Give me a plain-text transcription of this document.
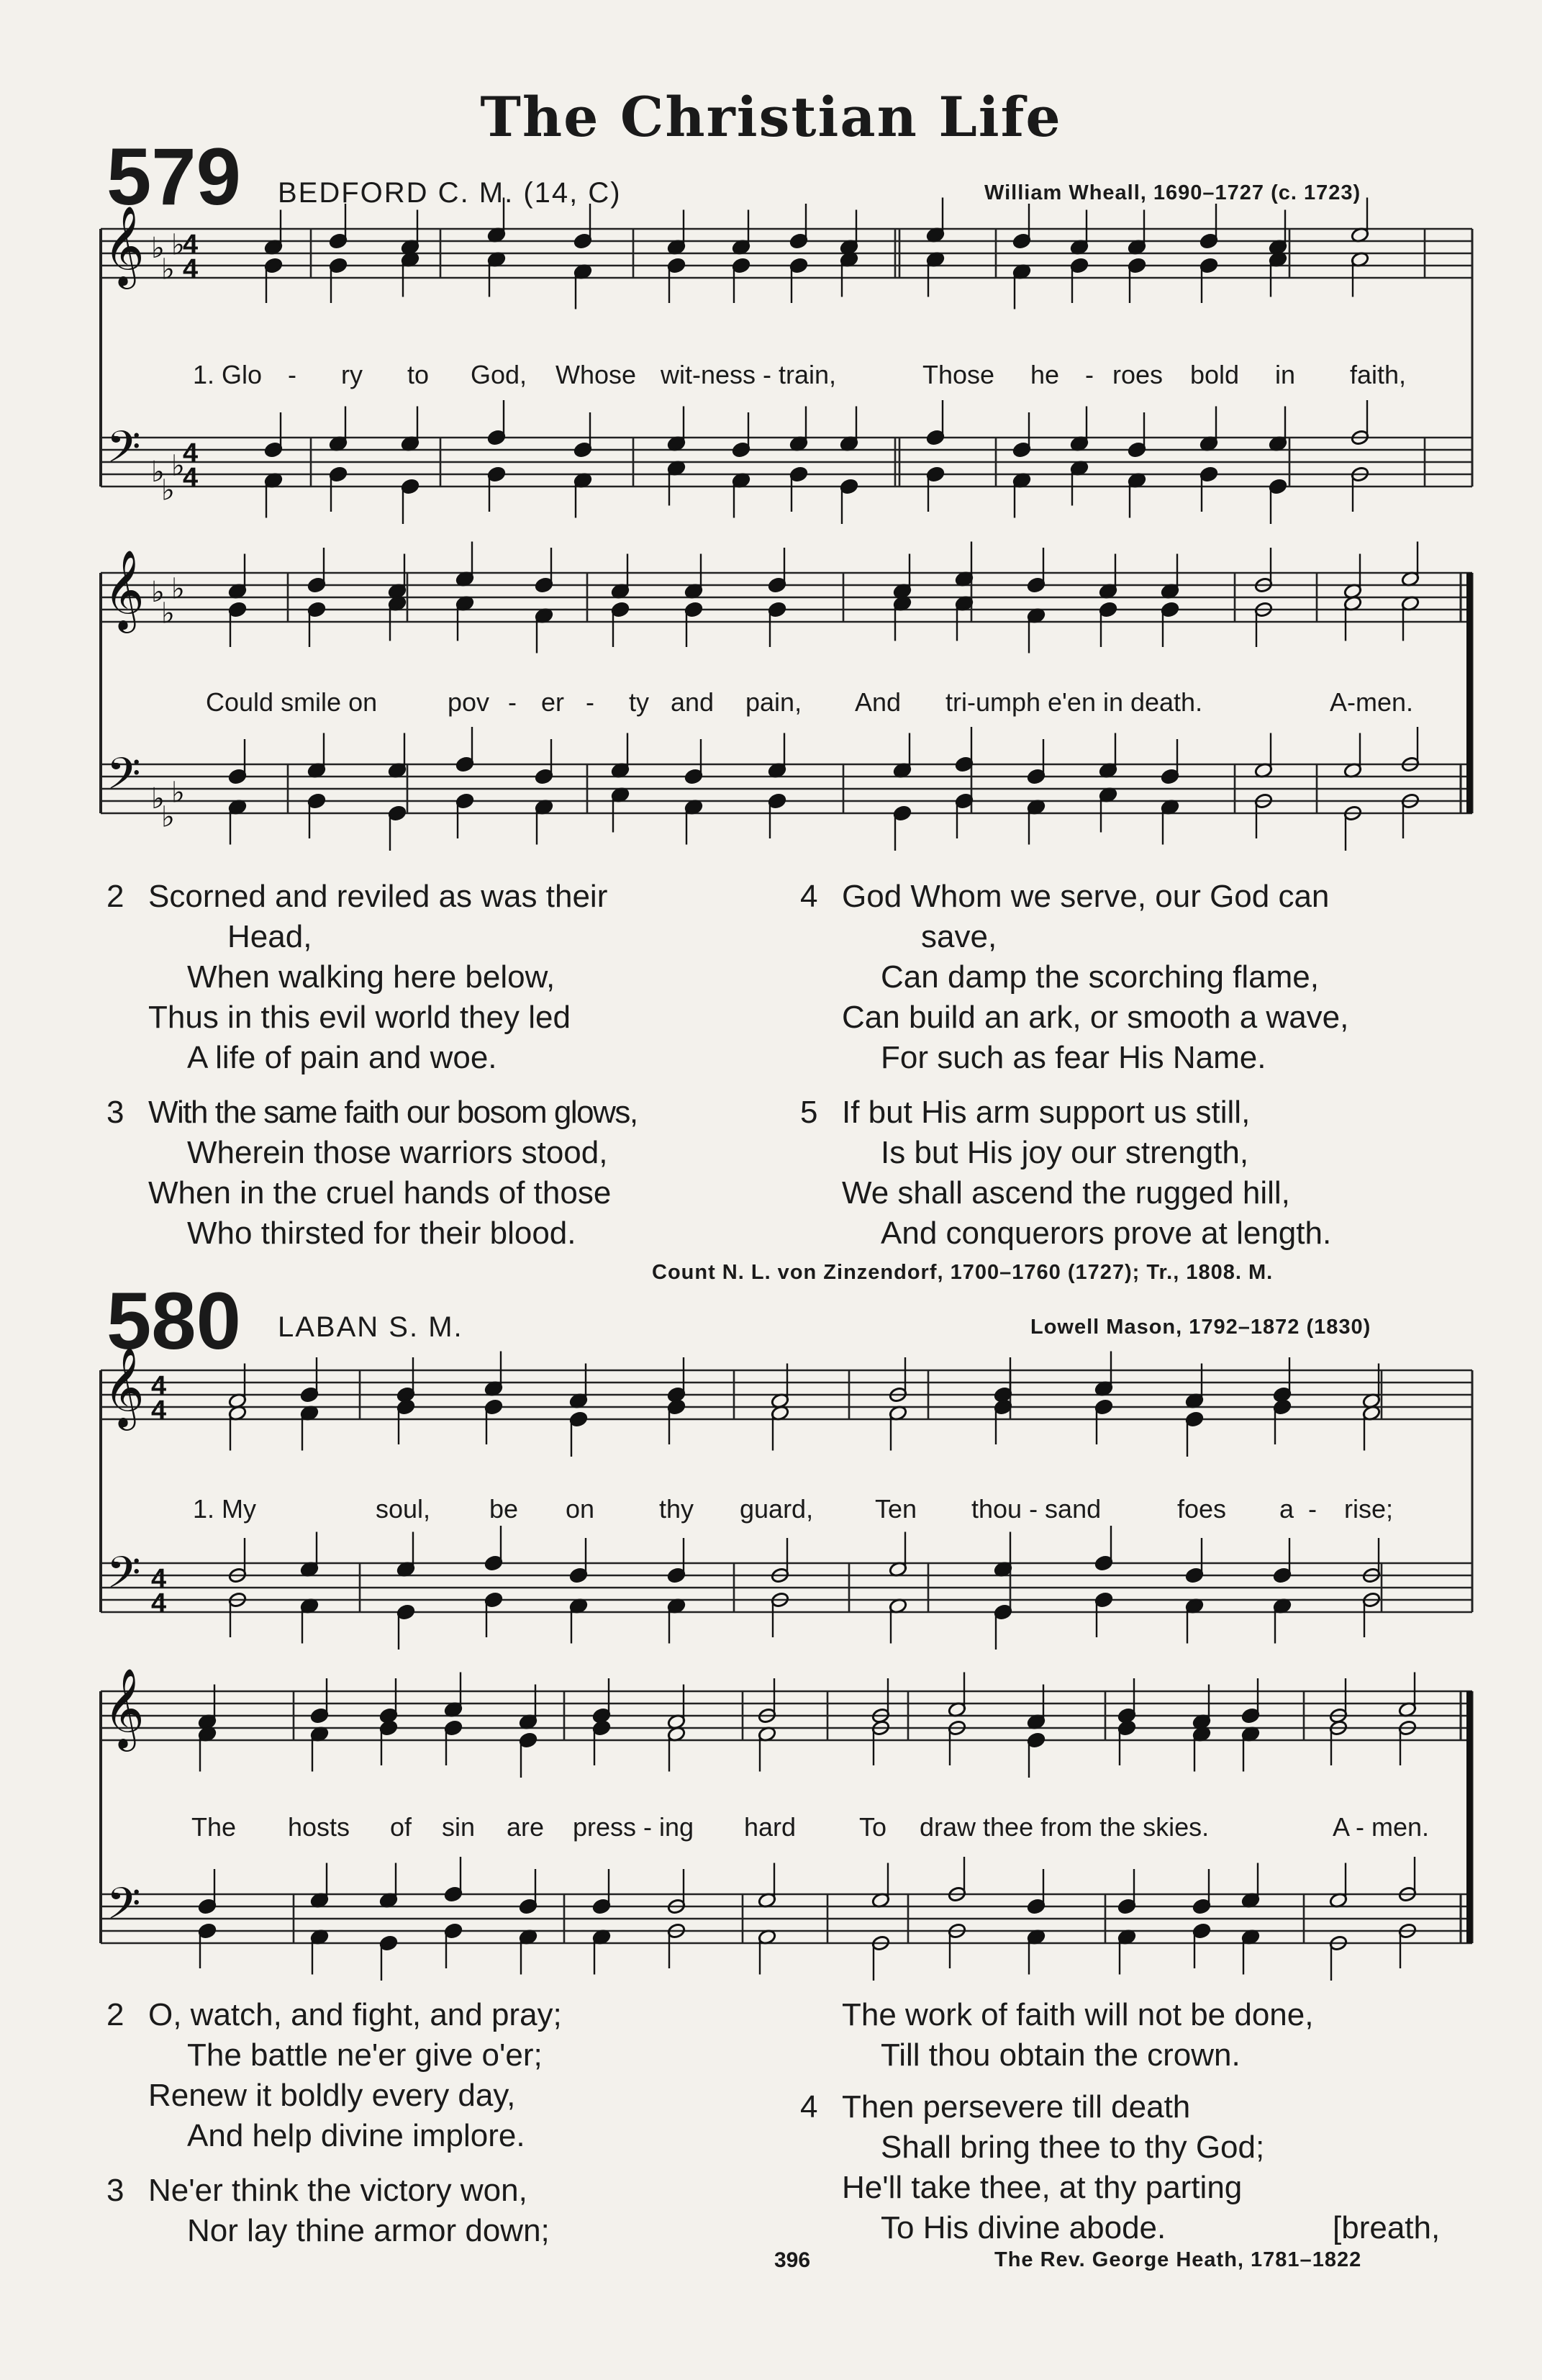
The Christian Life
579 BEDFORD C. M. (14, C)	William Wheall, 1690–1727 (c. 1723)
1. Glo - ry to God, Whose wit-ness - train,	Those he - roes bold in faith,
Could smile on	pov - er - ty and pain, And tri-umph e'en in death.	A-men.
2 Scorned and reviled as was their
Head,
When walking here below,
Thus in this evil world they led
A life of pain and woe.
3 With the same faith our bosom glows,
Wherein those warriors stood,
When in the cruel hands of those
Who thirsted for their blood.
4 God Whom we serve, our God can
save,
Can damp the scorching flame,
Can build an ark, or smooth a wave,
For such as fear His Name.
5 If but His arm support us still,
Is but His joy our strength,
We shall ascend the rugged hill,
And conquerors prove at length.
Count N. L. von Zinzendorf, 1700–1760 (1727); Tr., 1808. M.
580 LABAN S. M.	Lowell Mason, 1792–1872 (1830)
1. My	soul, be on thy guard, Ten thou - sand	foes a - rise;
The hosts of sin are press - ing hard To draw thee from the skies.	A - men.
2 O, watch, and fight, and pray;
The battle ne'er give o'er;
Renew it boldly every day,
And help divine implore.
3 Ne'er think the victory won,
Nor lay thine armor down;
The work of faith will not be done,
Till thou obtain the crown.
4 Then persevere till death
Shall bring thee to thy God;
He'll take thee, at thy parting
To His divine abode.	[breath,
396	The Rev. George Heath, 1781–1822
𝄞
𝄢
♭
♭
♭
♭
♭
♭
4
4
4
4
𝄞
𝄢
♭
♭
♭
♭
♭
♭
𝄞
𝄢
4
4
4
4
𝄞
𝄢
